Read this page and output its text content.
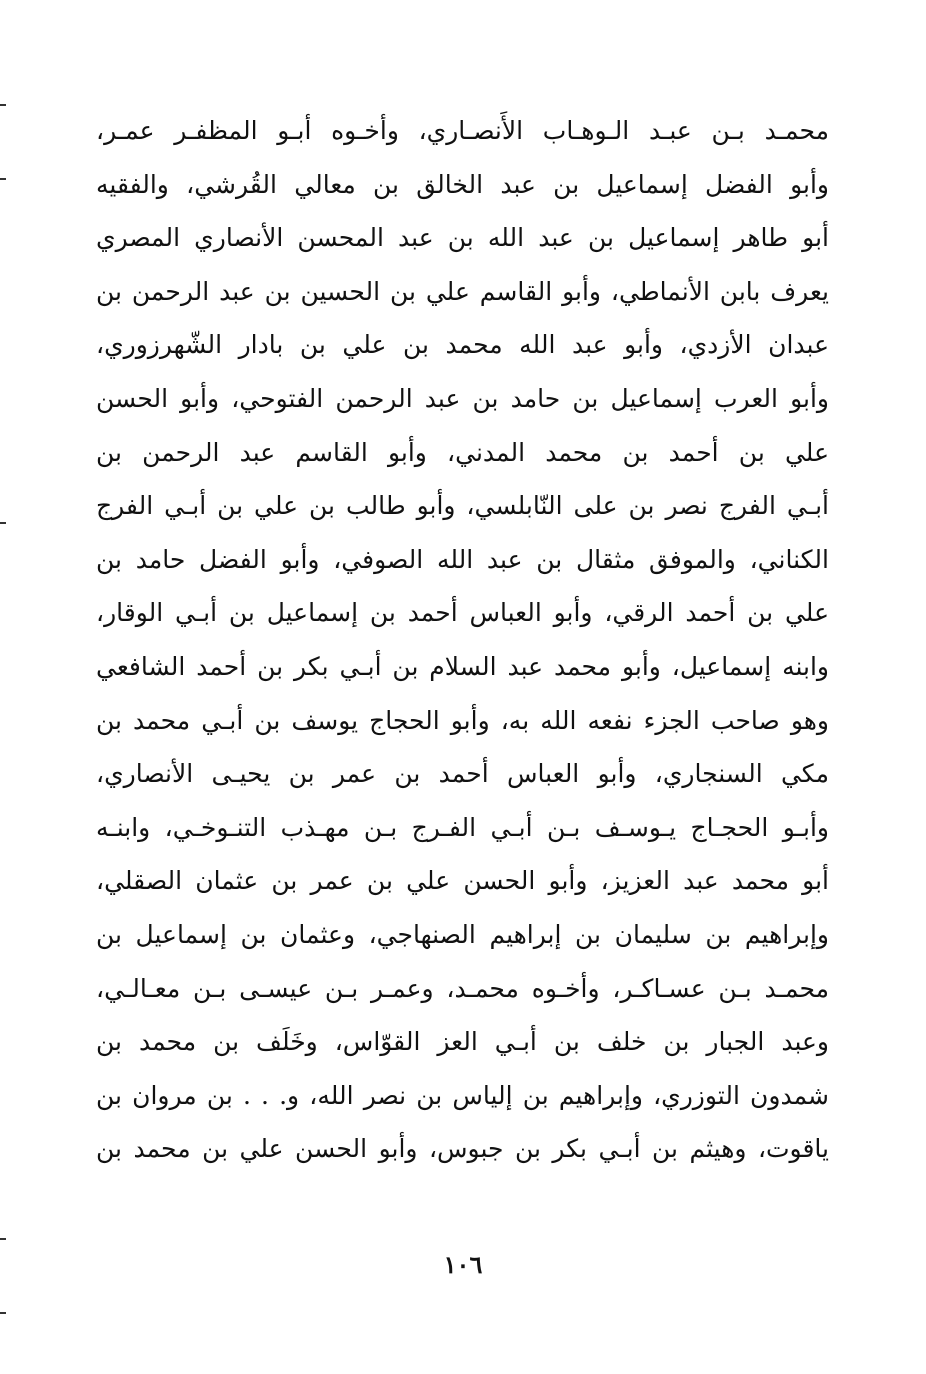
محمـد بـن عبـد الـوهـاب الأَنصـاري، وأخـوه أبـو المظفـر عمـر،
وأبو الفضل إسماعيل بن عبد الخالق بن معالي القُرشي، والفقيه
أبو طاهر إسماعيل بن عبد الله بن عبد المحسن الأنصاري المصري
يعرف بابن الأنماطي، وأبو القاسم علي بن الحسين بن عبد الرحمن بن
عبدان الأزدي، وأبو عبد الله محمد بن علي بن بادار الشّهرزوري،
وأبو العرب إسماعيل بن حامد بن عبد الرحمن الفتوحي، وأبو الحسن
علي بن أحمد بن محمد المدني، وأبو القاسم عبد الرحمن بن
أبـي الفرج نصر بن على النّابلسي، وأبو طالب بن علي بن أبـي الفرج
الكناني، والموفق مثقال بن عبد الله الصوفي، وأبو الفضل حامد بن
علي بن أحمد الرقي، وأبو العباس أحمد بن إسماعيل بن أبـي الوقار،
وابنه إسماعيل، وأبو محمد عبد السلام بن أبـي بكر بن أحمد الشافعي
وهو صاحب الجزء نفعه الله به، وأبو الحجاج يوسف بن أبـي محمد بن
مكي السنجاري، وأبو العباس أحمد بن عمر بن يحيـى الأنصاري،
وأبـو الحجـاج يـوسـف بـن أبـي الفـرج بـن مهـذب التنـوخـي، وابنـه
أبو محمد عبد العزيز، وأبو الحسن علي بن عمر بن عثمان الصقلي،
وإبراهيم بن سليمان بن إبراهيم الصنهاجي، وعثمان بن إسماعيل بن
محمـد بـن عسـاكـر، وأخـوه محمـد، وعمـر بـن عيسـى بـن معـالـي،
وعبد الجبار بن خلف بن أبـي العز القوّاس، وخَلَف بن محمد بن
شمدون التوزري، وإبراهيم بن إلياس بن نصر الله، و. . . بن مروان بن
ياقوت، وهيثم بن أبـي بكر بن جبوس، وأبو الحسن علي بن محمد بن
١٠٦
